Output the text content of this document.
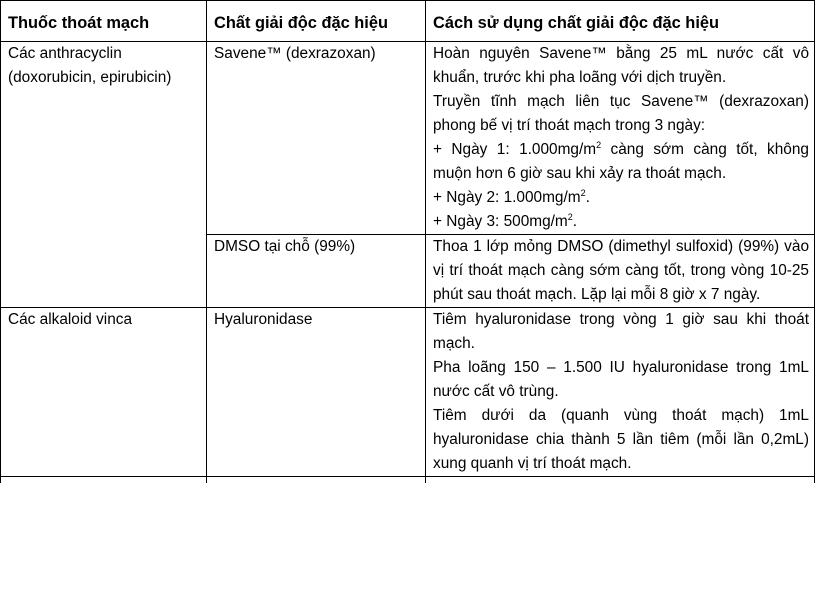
Thuốc thoát mạch	Chất giải độc đặc hiệu	Cách sử dụng chất giải độc đặc hiệu
Các anthracyclin (doxorubicin, epirubicin)	Savene™ (dexrazoxan)	Hoàn nguyên Savene™ bằng 25 mL nước cất vô khuẩn, trước khi pha loãng với dịch truyền.

Truyền tĩnh mạch liên tục Savene™ (dexrazoxan) phong bế vị trí thoát mạch trong 3 ngày:

+ Ngày 1: $1.000mg/m^2$ càng sớm càng tốt, không muộn hơn 6 giờ sau khi xảy ra thoát mạch.

+ Ngày 2: $1.000mg/m^2$.

+ Ngày 3: $500mg/m^2$.

	DMSO tại chỗ (99%)	Thoa 1 lớp mỏng DMSO (dimethyl sulfoxid) (99%) vào vị trí thoát mạch càng sớm càng tốt, trong vòng 10-25 phút sau thoát mạch. Lặp lại mỗi 8 giờ x 7 ngày.

Các alkaloid vinca	Hyaluronidase	Tiêm hyaluronidase trong vòng 1 giờ sau khi thoát mạch.

Pha loãng 150 – 1.500 IU hyaluronidase trong 1mL nước cất vô trùng.

Tiêm dưới da (quanh vùng thoát mạch) 1mL hyaluronidase chia thành 5 lần tiêm (mỗi lần 0,2mL) xung quanh vị trí thoát mạch.
